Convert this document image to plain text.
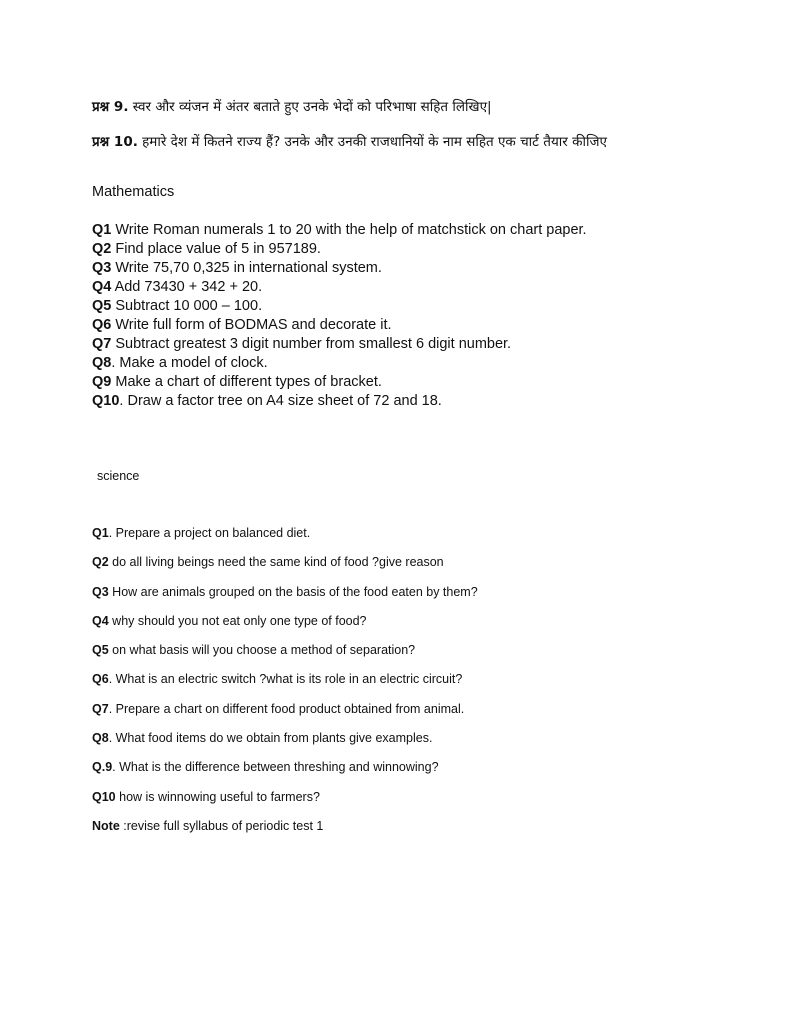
प्रश्न 9. स्वर और व्यंजन में अंतर बताते हुए उनके भेदों को परिभाषा सहित लिखिए|
प्रश्न 10. हमारे देश में कितने राज्य हैं? उनके और उनकी राजधानियों के नाम सहित एक चार्ट तैयार कीजिए
Mathematics
Q1 Write Roman numerals 1 to 20 with the help of matchstick on chart paper.
Q2 Find place value of 5 in 957189.
Q3 Write 75,70 0,325 in international system.
Q4 Add 73430 + 342 + 20.
Q5 Subtract 10 000 – 100.
Q6 Write full form of BODMAS and decorate it.
Q7 Subtract greatest 3 digit number from smallest 6 digit number.
Q8. Make a model of clock.
Q9 Make a chart of different types of bracket.
Q10. Draw a factor tree on A4 size sheet of 72 and 18.
science
Q1. Prepare a project on balanced diet.
Q2 do all living beings need the same kind of food ?give reason
Q3 How are animals grouped on the basis of the food eaten by them?
Q4 why should you not eat only one type of food?
Q5 on what basis will you choose a method of separation?
Q6. What is an electric switch ?what is its role in an electric circuit?
Q7. Prepare a chart on different food product obtained from animal.
Q8. What food items do we obtain from plants give examples.
Q.9. What is the difference between threshing and winnowing?
Q10 how is winnowing useful to farmers?
Note :revise full syllabus of periodic test 1
